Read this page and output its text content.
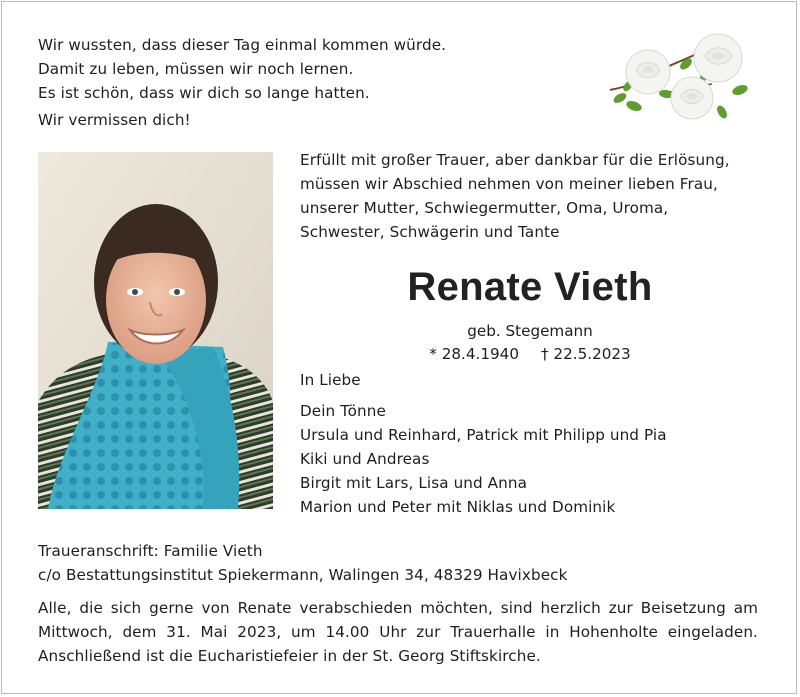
Wir wussten, dass dieser Tag einmal kommen würde.
Damit zu leben, müssen wir noch lernen.
Es ist schön, dass wir dich so lange hatten.
Wir vermissen dich!
Erfüllt mit großer Trauer, aber dankbar für die Erlösung,
müssen wir Abschied nehmen von meiner lieben Frau,
unserer Mutter, Schwiegermutter, Oma, Uroma,
Schwester, Schwägerin und Tante
Renate Vieth
geb. Stegemann
* 28.4.1940 † 22.5.2023
In Liebe
Dein Tönne
Ursula und Reinhard, Patrick mit Philipp und Pia
Kiki und Andreas
Birgit mit Lars, Lisa und Anna
Marion und Peter mit Niklas und Dominik
Traueranschrift: Familie Vieth
c/o Bestattungsinstitut Spiekermann, Walingen 34, 48329 Havixbeck
Alle, die sich gerne von Renate verabschieden möchten, sind herzlich zur Beisetzung am
Mittwoch, dem 31. Mai 2023, um 14.00 Uhr zur Trauerhalle in Hohenholte eingeladen.
Anschließend ist die Eucharistiefeier in der St. Georg Stiftskirche.
